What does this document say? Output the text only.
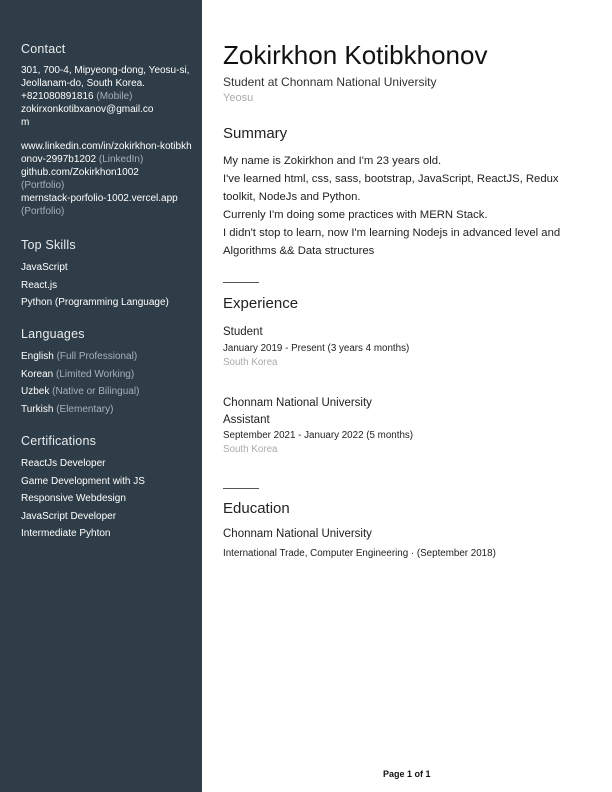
Contact
301, 700-4, Mipyeong-dong, Yeosu-si, Jeollanam-do, South Korea.
+821080891816 (Mobile)
zokirxonkotibxanov@gmail.co
m
www.linkedin.com/in/zokirkhon-kotibkhonov-2997b1202 (LinkedIn)
github.com/Zokirkhon1002
(Portfolio)
mernstack-porfolio-1002.vercel.app
(Portfolio)
Top Skills
JavaScript
React.js
Python (Programming Language)
Languages
English (Full Professional)
Korean (Limited Working)
Uzbek (Native or Bilingual)
Turkish (Elementary)
Certifications
ReactJs Developer
Game Development with JS
Responsive Webdesign
JavaScript Developer
Intermediate Pyhton
Zokirkhon Kotibkhonov
Student at Chonnam National University
Yeosu
Summary
My name is Zokirkhon and I'm 23 years old.
I've learned html, css, sass, bootstrap, JavaScript, ReactJS, Redux toolkit, NodeJs and Python.
Currenly I'm doing some practices with MERN Stack.
I didn't stop to learn, now I'm learning Nodejs in advanced level and Algorithms && Data structures
Experience
Student
January 2019 - Present (3 years 4 months)
South Korea
Chonnam National University
Assistant
September 2021 - January 2022 (5 months)
South Korea
Education
Chonnam National University
International Trade, Computer Engineering · (September 2018)
Page 1 of 1
